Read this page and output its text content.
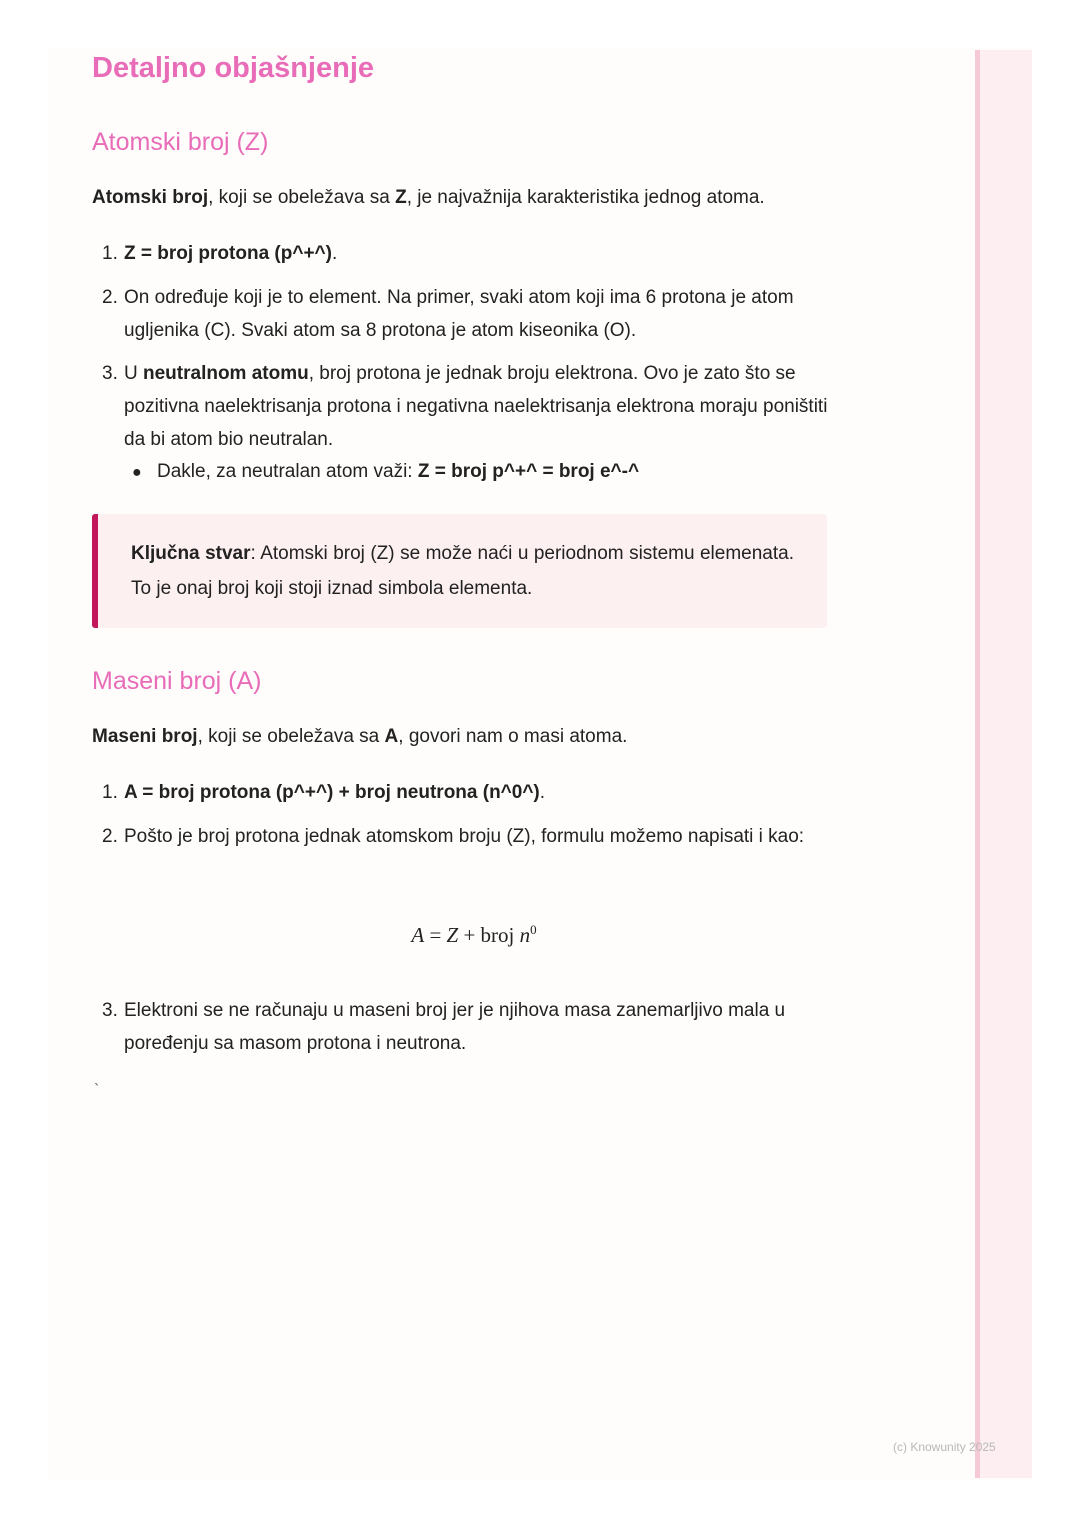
Detaljno objašnjenje
Atomski broj (Z)

Atomski broj, koji se obeležava sa Z, je najvažnija karakteristika jednog atoma.

1. Z = broj protona (p^+^).
2. On određuje koji je to element. Na primer, svaki atom koji ima 6 protona je atom ugljenika (C). Svaki atom sa 8 protona je atom kiseonika (O).
3. U neutralnom atomu, broj protona je jednak broju elektrona. Ovo je zato što se pozitivna naelektrisanja protona i negativna naelektrisanja elektrona moraju poništiti da bi atom bio neutralan.
● Dakle, za neutralan atom važi: Z = broj p^+^ = broj e^-^
Ključna stvar: Atomski broj (Z) se može naći u periodnom sistemu elemenata. To je onaj broj koji stoji iznad simbola elementa.
Maseni broj (A)

Maseni broj, koji se obeležava sa A, govori nam o masi atoma.

1. A = broj protona (p^+^) + broj neutrona (n^0^).
2. Pošto je broj protona jednak atomskom broju (Z), formulu možemo napisati i kao:
A = Z + broj $n^0$
3. Elektroni se ne računaju u maseni broj jer je njihova masa zanemarljivo mala u poređenju sa masom protona i neutrona.
`
(c) Knowunity 2025
